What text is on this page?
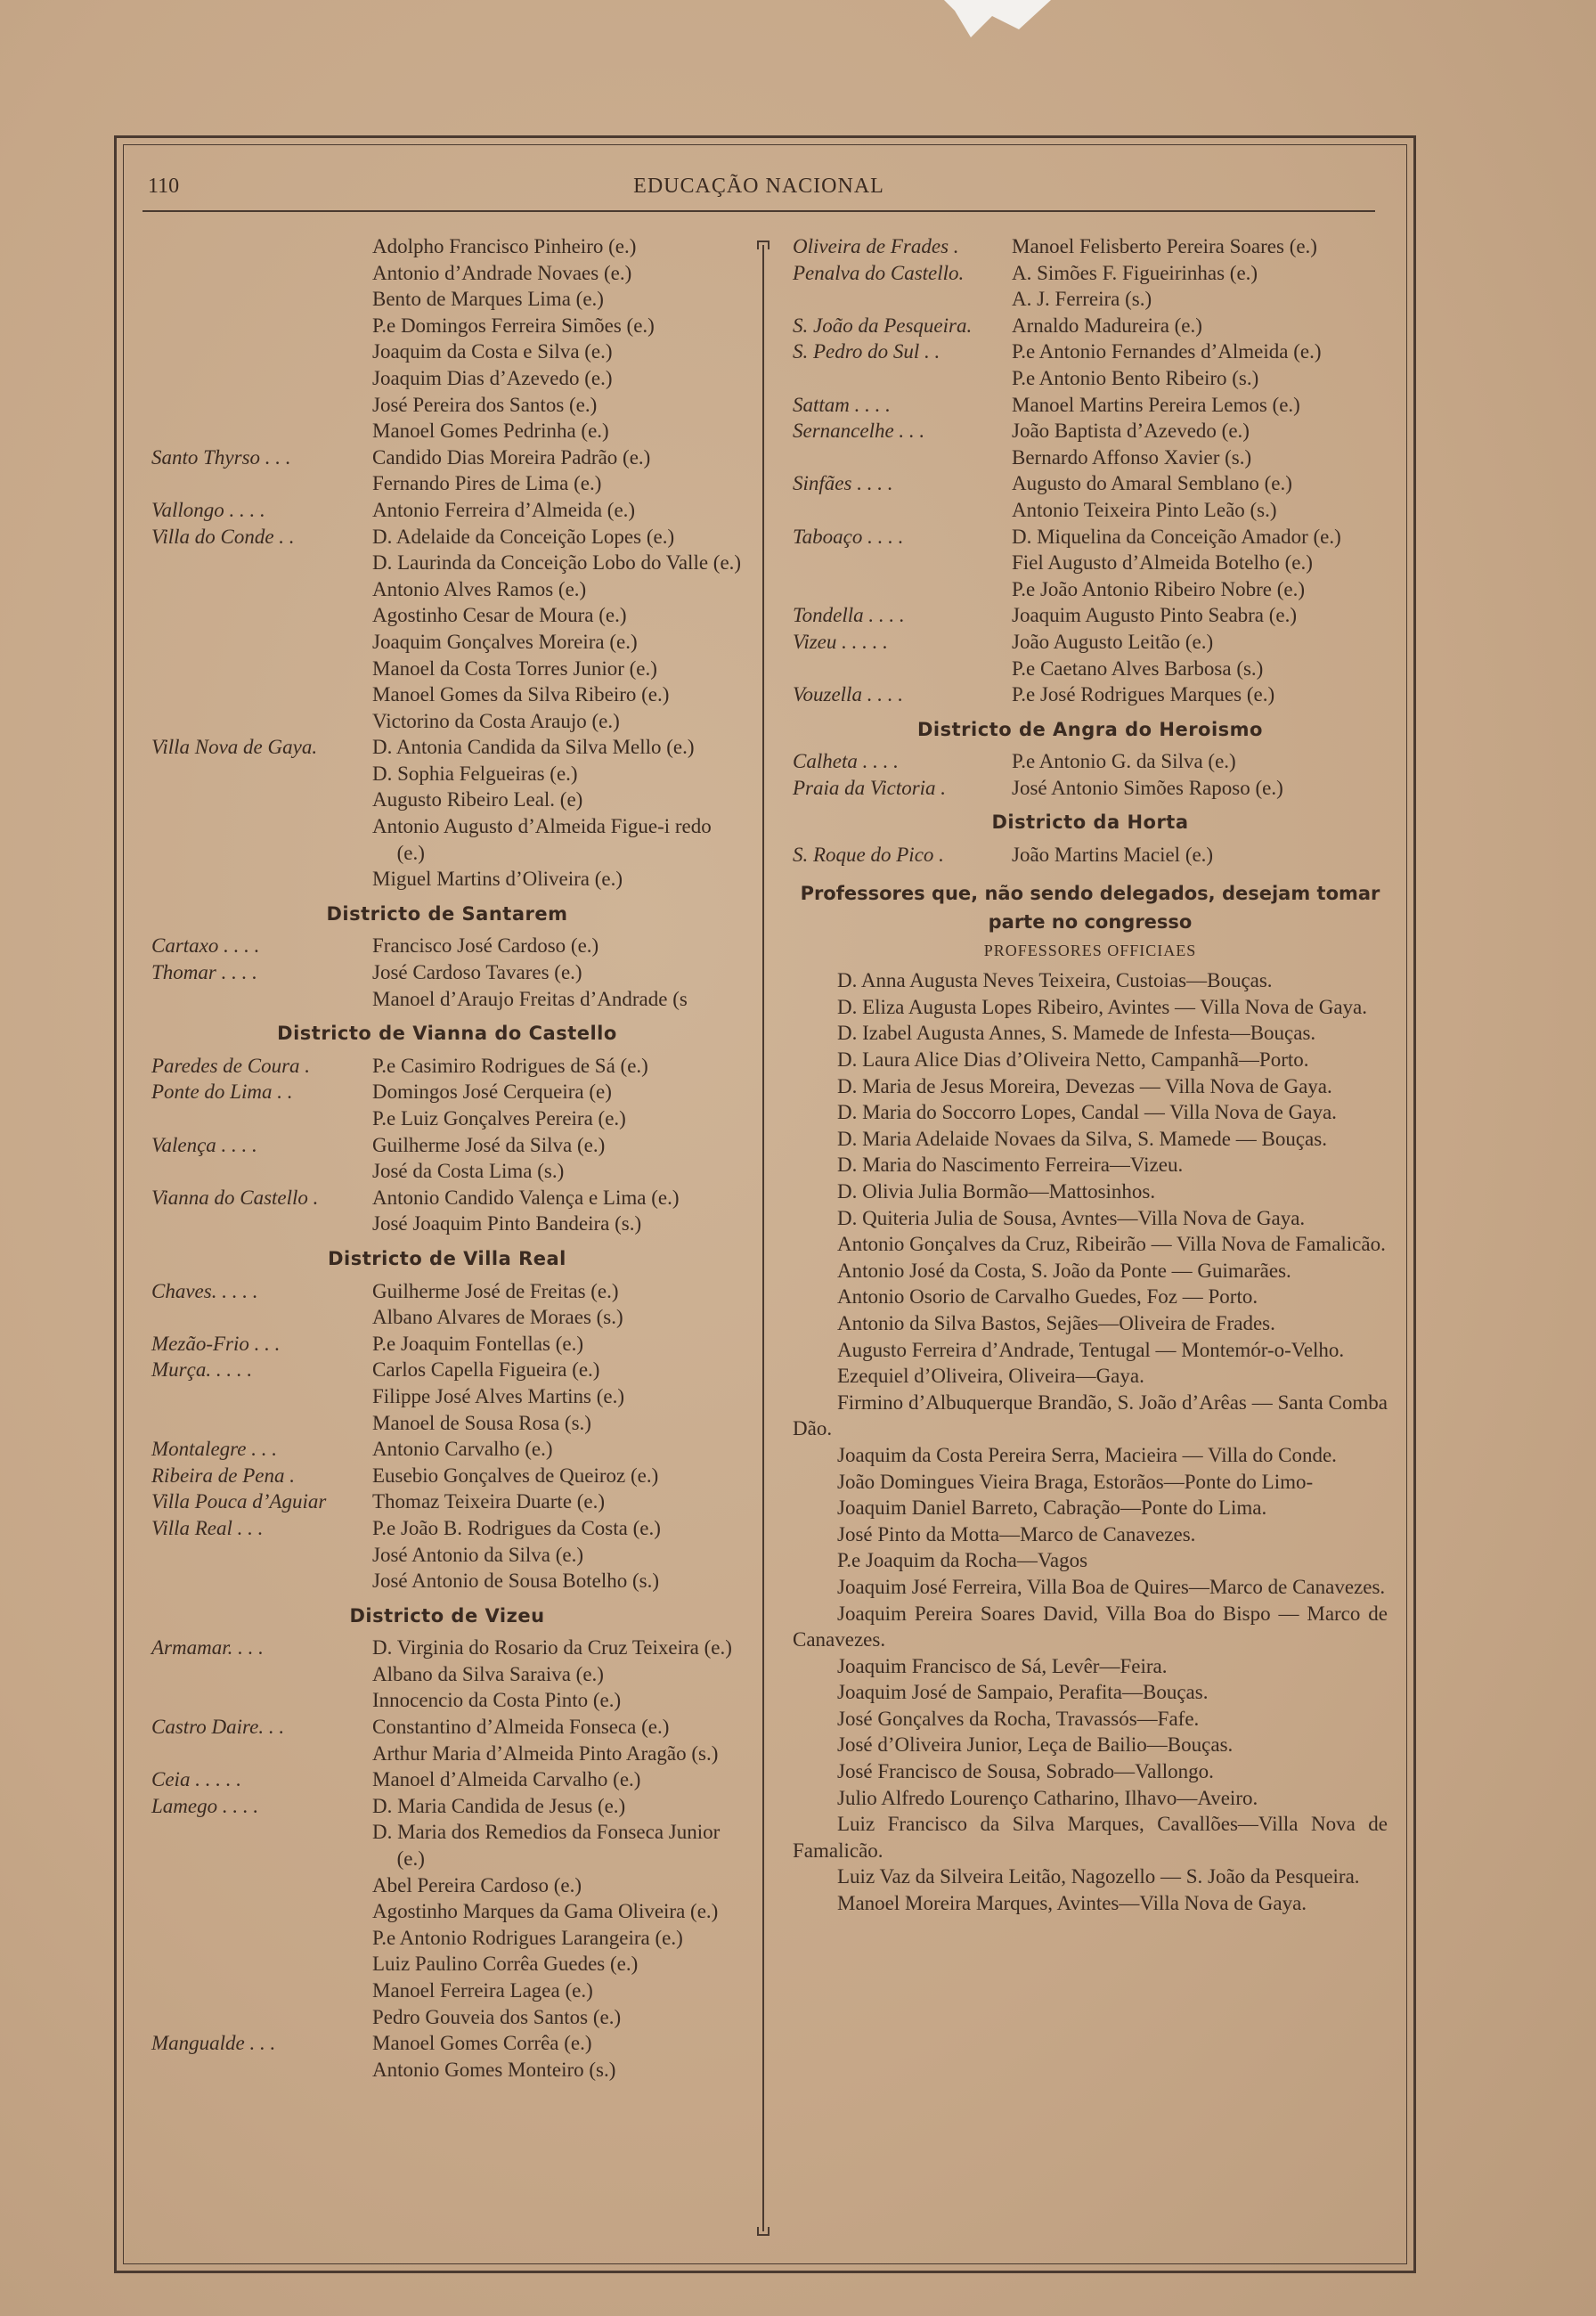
EDUCAÇÃO NACIONAL
110
Adolpho Francisco Pinheiro (e.)
Antonio d’Andrade Novaes (e.)
Bento de Marques Lima (e.)
P.e Domingos Ferreira Simões (e.)
Joaquim da Costa e Silva (e.)
Joaquim Dias d’Azevedo (e.)
José Pereira dos Santos (e.)
Manoel Gomes Pedrinha (e.)
Santo Thyrso . . .	Candido Dias Moreira Padrão (e.)
Fernando Pires de Lima (e.)
Vallongo . . . .	Antonio Ferreira d’Almeida (e.)
Villa do Conde . .	D. Adelaide da Conceição Lopes (e.)
D. Laurinda da Conceição Lobo do Valle (e.)
Antonio Alves Ramos (e.)
Agostinho Cesar de Moura (e.)
Joaquim Gonçalves Moreira (e.)
Manoel da Costa Torres Junior (e.)
Manoel Gomes da Silva Ribeiro (e.)
Victorino da Costa Araujo (e.)
Villa Nova de Gaya.	D. Antonia Candida da Silva Mello (e.)
D. Sophia Felgueiras (e.)
Augusto Ribeiro Leal. (e)
Antonio Augusto d’Almeida Figue-i redo (e.)
Miguel Martins d’Oliveira (e.)
Districto de Santarem
Cartaxo . . . .	Francisco José Cardoso (e.)
Thomar . . . .	José Cardoso Tavares (e.)
Manoel d’Araujo Freitas d’Andrade (s
Districto de Vianna do Castello
Paredes de Coura .	P.e Casimiro Rodrigues de Sá (e.)
Ponte do Lima . .	Domingos José Cerqueira (e)
P.e Luiz Gonçalves Pereira (e.)
Valença . . . .	Guilherme José da Silva (e.)
José da Costa Lima (s.)
Vianna do Castello .	Antonio Candido Valença e Lima (e.)
José Joaquim Pinto Bandeira (s.)
Districto de Villa Real
Chaves. . . . .	Guilherme José de Freitas (e.)
Albano Alvares de Moraes (s.)
Mezão-Frio . . .	P.e Joaquim Fontellas (e.)
Murça. . . . .	Carlos Capella Figueira (e.)
Filippe José Alves Martins (e.)
Manoel de Sousa Rosa (s.)
Montalegre . . .	Antonio Carvalho (e.)
Ribeira de Pena .	Eusebio Gonçalves de Queiroz (e.)
Villa Pouca d’Aguiar	Thomaz Teixeira Duarte (e.)
Villa Real . . .	P.e João B. Rodrigues da Costa (e.)
José Antonio da Silva (e.)
José Antonio de Sousa Botelho (s.)
Districto de Vizeu
Armamar. . . .	D. Virginia do Rosario da Cruz Teixeira (e.)
Albano da Silva Saraiva (e.)
Innocencio da Costa Pinto (e.)
Castro Daire. . .	Constantino d’Almeida Fonseca (e.)
Arthur Maria d’Almeida Pinto Aragão (s.)
Ceia . . . . .	Manoel d’Almeida Carvalho (e.)
Lamego . . . .	D. Maria Candida de Jesus (e.)
D. Maria dos Remedios da Fonseca Junior (e.)
Abel Pereira Cardoso (e.)
Agostinho Marques da Gama Oliveira (e.)
P.e Antonio Rodrigues Larangeira (e.)
Luiz Paulino Corrêa Guedes (e.)
Manoel Ferreira Lagea (e.)
Pedro Gouveia dos Santos (e.)
Mangualde . . .	Manoel Gomes Corrêa (e.)
Antonio Gomes Monteiro (s.)
Oliveira de Frades .	Manoel Felisberto Pereira Soares (e.)
Penalva do Castello.	A. Simões F. Figueirinhas (e.)
A. J. Ferreira (s.)
S. João da Pesqueira.	Arnaldo Madureira (e.)
S. Pedro do Sul . .	P.e Antonio Fernandes d’Almeida (e.)
P.e Antonio Bento Ribeiro (s.)
Sattam . . . .	Manoel Martins Pereira Lemos (e.)
Sernancelhe . . .	João Baptista d’Azevedo (e.)
Bernardo Affonso Xavier (s.)
Sinfães . . . .	Augusto do Amaral Semblano (e.)
Antonio Teixeira Pinto Leão (s.)
Taboaço . . . .	D. Miquelina da Conceição Amador (e.)
Fiel Augusto d’Almeida Botelho (e.)
P.e João Antonio Ribeiro Nobre (e.)
Tondella . . . .	Joaquim Augusto Pinto Seabra (e.)
Vizeu . . . . .	João Augusto Leitão (e.)
P.e Caetano Alves Barbosa (s.)
Vouzella . . . .	P.e José Rodrigues Marques (e.)
Districto de Angra do Heroismo
Calheta . . . .	P.e Antonio G. da Silva (e.)
Praia da Victoria .	José Antonio Simões Raposo (e.)
Districto da Horta
S. Roque do Pico .	João Martins Maciel (e.)
Professores que, não sendo delegados, desejam tomar parte no congresso
PROFESSORES OFFICIAES
D. Anna Augusta Neves Teixeira, Custoias—Bouças.
D. Eliza Augusta Lopes Ribeiro, Avintes — Villa Nova de Gaya.
D. Izabel Augusta Annes, S. Mamede de Infesta—Bouças.
D. Laura Alice Dias d’Oliveira Netto, Campanhã—Porto.
D. Maria de Jesus Moreira, Devezas — Villa Nova de Gaya.
D. Maria do Soccorro Lopes, Candal — Villa Nova de Gaya.
D. Maria Adelaide Novaes da Silva, S. Mamede — Bouças.
D. Maria do Nascimento Ferreira—Vizeu.
D. Olivia Julia Bormão—Mattosinhos.
D. Quiteria Julia de Sousa, Avntes—Villa Nova de Gaya.
Antonio Gonçalves da Cruz, Ribeirão — Villa Nova de Famalicão.
Antonio José da Costa, S. João da Ponte — Guimarães.
Antonio Osorio de Carvalho Guedes, Foz — Porto.
Antonio da Silva Bastos, Sejães—Oliveira de Frades.
Augusto Ferreira d’Andrade, Tentugal — Montemór-o-Velho.
Ezequiel d’Oliveira, Oliveira—Gaya.
Firmino d’Albuquerque Brandão, S. João d’Arêas — Santa Comba Dão.
Joaquim da Costa Pereira Serra, Macieira — Villa do Conde.
João Domingues Vieira Braga, Estorãos—Ponte do Limo-
Joaquim Daniel Barreto, Cabração—Ponte do Lima.
José Pinto da Motta—Marco de Canavezes.
P.e Joaquim da Rocha—Vagos
Joaquim José Ferreira, Villa Boa de Quires—Marco de Canavezes.
Joaquim Pereira Soares David, Villa Boa do Bispo — Marco de Canavezes.
Joaquim Francisco de Sá, Levêr—Feira.
Joaquim José de Sampaio, Perafita—Bouças.
José Gonçalves da Rocha, Travassós—Fafe.
José d’Oliveira Junior, Leça de Bailio—Bouças.
José Francisco de Sousa, Sobrado—Vallongo.
Julio Alfredo Lourenço Catharino, Ilhavo—Aveiro.
Luiz Francisco da Silva Marques, Cavallões—Villa Nova de Famalicão.
Luiz Vaz da Silveira Leitão, Nagozello — S. João da Pesqueira.
Manoel Moreira Marques, Avintes—Villa Nova de Gaya.
